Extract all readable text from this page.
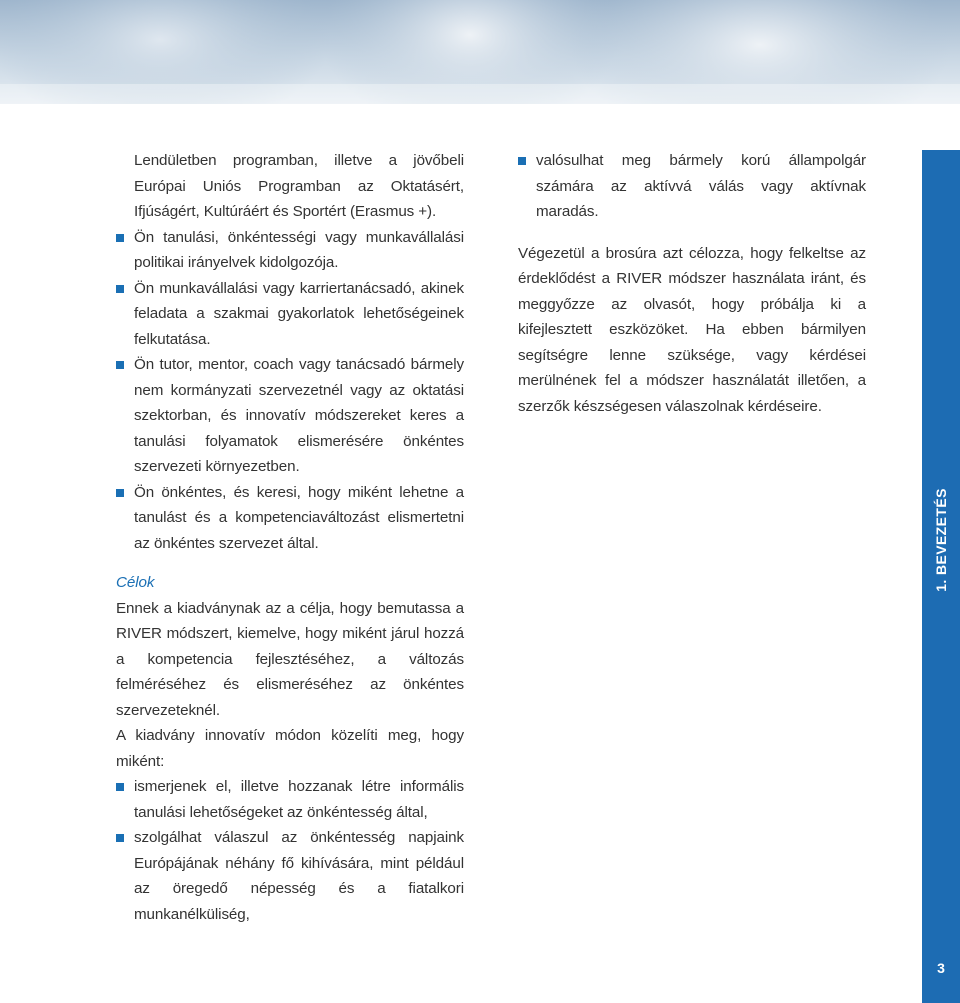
Lendületben programban, illetve a jövőbeli Európai Uniós Programban az Oktatásért, Ifjúságért, Kultúráért és Sportért (Erasmus +).

Ön tanulási, önkéntességi vagy munkavállalási politikai irányelvek kidolgozója.

Ön munkavállalási vagy karriertanácsadó, akinek feladata a szakmai gyakorlatok lehetőségeinek felkutatása.

Ön tutor, mentor, coach vagy tanácsadó bármely nem kormányzati szervezetnél vagy az oktatási szektorban, és innovatív módszereket keres a tanulási folyamatok elismerésére önkéntes szervezeti környezetben.

Ön önkéntes, és keresi, hogy miként lehetne a tanulást és a kompetenciaváltozást elismertetni az önkéntes szervezet által.

Célok

Ennek a kiadványnak az a célja, hogy bemutassa a RIVER módszert, kiemelve, hogy miként járul hozzá a kompetencia fejlesztéséhez, a változás felméréséhez és elismeréséhez az önkéntes szervezeteknél.

A kiadvány innovatív módon közelíti meg, hogy miként:

ismerjenek el, illetve hozzanak létre informális tanulási lehetőségeket az önkéntesség által,

szolgálhat válaszul az önkéntesség napjaink Európájának néhány fő kihívására, mint például az öregedő népesség és a fiatalkori munkanélküliség,

valósulhat meg bármely korú állampolgár számára az aktívvá válás vagy aktívnak maradás.

Végezetül a brosúra azt célozza, hogy felkeltse az érdeklődést a RIVER módszer használata iránt, és meggyőzze az olvasót, hogy próbálja ki a kifejlesztett eszközöket. Ha ebben bármilyen segítségre lenne szüksége, vagy kérdései merülnének fel a módszer használatát illetően, a szerzők készségesen válaszolnak kérdéseire.

1. BEVEZETÉS
3
